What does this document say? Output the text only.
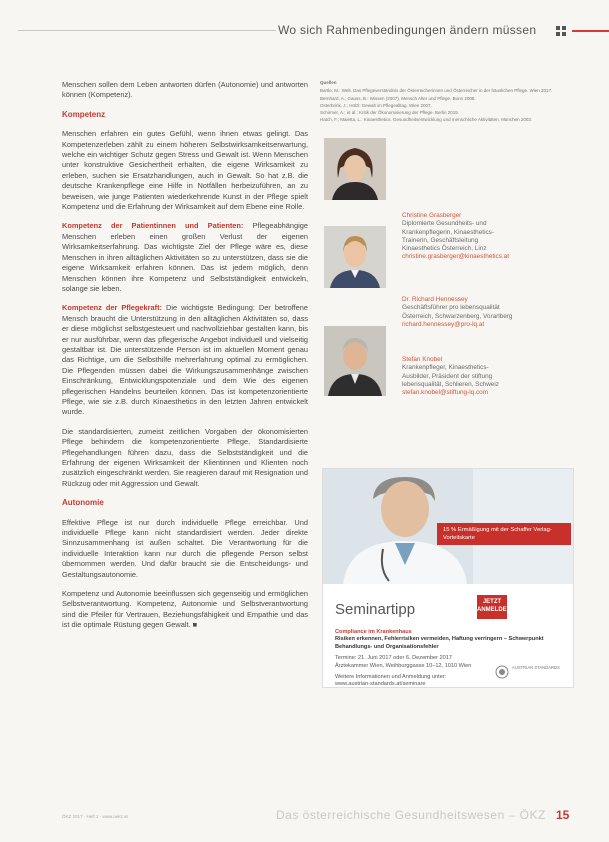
Wo sich Rahmenbedingungen ändern müssen

Menschen sollen dem Leben antworten dürfen (Autonomie) und antworten können (Kompetenz).

Kompetenz

Menschen erfahren ein gutes Gefühl, wenn ihnen etwas gelingt. Das Kompetenzerleben zählt zu einem höheren Selbstwirksamkeitserwartung, welche ein wichtiger Schutz gegen Stress und Gewalt ist. Wenn Menschen unter konstruktive Gesichertheit erhalten, die eigene Wirksamkeit zu erleben, suchen sie Ersatzhandlungen, auch in Gewalt. So hat z.B. die deutsche Krankenpflege eine Hilfe in Notfällen herbeizuführen, an zu beweisen, wie junge Patienten wiederkehrende Kunst in der Pflege spielt Kompetenz und die Erfahrung der Wirksamkeit auf dem Ebene eine Rolle.

Kompetenz der Patientinnen und Patienten: Pflegeabhängige Menschen erleben einen großen Verlust der eigenen Wirksamkeitserfahrung. Das wichtigste Ziel der Pflege wäre es, diese Menschen in ihren alltäglichen Aktivitäten so zu unterstützen, dass sie die eigene Wirksamkeit erfahren können. Das ist jedem möglich, denn Menschen können ihre Kompetenz und Selbstständigkeit entwickeln, solange sie leben.

Kompetenz der Pflegekraft: Die wichtigste Bedingung: Der betroffene Mensch braucht die Unterstützung in den alltäglichen Aktivitäten so, dass er diese möglichst selbstgesteuert und nachvollziehbar gestalten kann, bis er nur ausführbar, wenn das pflegerische Angebot individuell und vielseitig gestaltbar ist. Die unterstützende Person ist im aktuellen Moment genau das Richtige, um die Selbsthilfe mehrerfahrung optimal zu ermöglichen. Die Pflegenden müssen dabei die Wirkungszusammenhänge zwischen Einschränkung, Entwicklungspotenziale und dem Wie des eigenen pflegerischen Handelns beurteilen können. Das ist kompetenzorientierte Pflege, wie sie z.B. durch Kinaesthetics in den letzten Jahren entwickelt wurde.

Die standardisierten, zumeist zeitlichen Vorgaben der ökonomisierten Pflege behindern die kompetenzorientierte Pflege. Standardisierte Pflegehandlungen führen dazu, dass die Selbstständigkeit und die Erfahrung der eigenen Wirksamkeit der Klientinnen und Klienten noch zusätzlich eingeschränkt werden. Sie reagieren darauf mit Resignation und Rückzug oder mit Aggression und Gewalt.

Autonomie

Effektive Pflege ist nur durch individuelle Pflege erreichbar. Und individuelle Pflege kann nicht standardisiert werden. Jeder direkte Sinnzusammenhang ist außen schaltet. Die Verantwortung für die individuelle Interaktion kann nur durch die pflegende Person selbst übernommen werden. Und dafür braucht sie die Entscheidungs- und Gestaltungsautonomie.

Kompetenz und Autonomie beeinflussen sich gegenseitig und ermöglichen Selbstverantwortung. Kompetenz, Autonomie und Selbstverantwortung sind die Pfeiler für Vertrauen, Beziehungsfähigkeit und Empathie und das ist die optimale Rüstung gegen Gewalt. ■

Quellen
Bartle, M.: Welt. Das Pflegeverständnis der Österreicherinnen und Österreicher in der häuslichen Pflege. Wien 2017.
Bernhard, A.; Gauss, B.: Wissen (2007), Mensch Alter und Pflege. Bonn 2008.
Osterbrink, J.; Hölzl: Gewalt im Pflegealltag. Wien 2007.
Schirmer, A.; et al.: Kritik der Ökonomisierung der Pflege. Berlin 2015.
Hatch, F.; Maietta, L.: Kinaesthetics. Gesundheitsentwicklung und menschliche Aktivitäten. München 2003.
Christine Grasberger
Diplomierte Gesundheits- und
Krankenpflegerin, Kinaesthetics-
Trainerin, Geschäftsleitung
Kinaesthetics Österreich, Linz
christine.grasberger@kinaesthetics.at
Dr. Richard Hennessey
Geschäftsführer pro lebensqualität
Österreich, Schwarzenberg, Vorarlberg
richard.hennessey@pro-lq.at
Stefan Knobel
Krankenpfleger, Kinaesthetics-
Ausbilder, Präsident der stiftung
lebensqualität, Schlieren, Schweiz
stefan.knobel@stiftung-lq.com
15 % Ermäßigung mit der Schaffer Verlag-Vorteilskarte
Seminartipp	JETZT ANMELDEN
Compliance im Krankenhaus
Risiken erkennen, Fehlerrisiken vermeiden, Haftung verringern – Schwerpunkt Behandlungs- und Organisationsfehler
Termine: 21. Juni 2017 oder 6. Dezember 2017
Ärztekammer Wien, Weihburggasse 10–12, 1010 Wien
Weitere Informationen und Anmeldung unter:
www.austrian-standards.at/seminare
AUSTRIAN STANDARDS
ÖKZ 2017 · Heft 1 · www.oekz.at	Das österreichische Gesundheitswesen – ÖKZ 15
